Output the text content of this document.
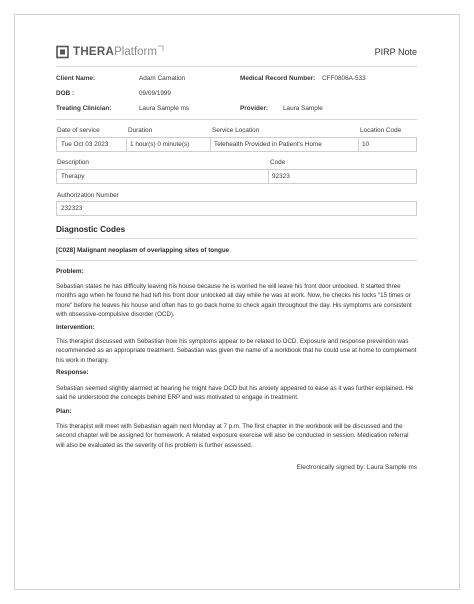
THERA Platform	PIRP Note
Client Name:	Adam Carnation	Medical Record Number: CFF0806A-533
DOB :	09/09/1999
Treating Clinician:	Laura Sample ms	Provider: Laura Sample
Date of service	Duration	Service Location	Location Code
Tue Oct 03 2023	1 hour(s) 0 minute(s)	Telehealth Provided in Patient's Home	10
Description	Code
Therapy	92323
Authorization Number
232323
Diagnostic Codes
[C028] Malignant neoplasm of overlapping sites of tongue
Problem:
Sebastian states he has difficulty leaving his house because he is worried he will leave his front door unlocked. It started three months ago when he found he had left his front door unlocked all day while he was at work. Now, he checks his locks "15 times or more" before he leaves his house and often has to go back home to check again throughout the day. His symptoms are consistent with obsessive-compulsive disorder (OCD).
Intervention:
This therapist discussed with Sebastian how his symptoms appear to be related to OCD. Exposure and response prevention was recommended as an appropriate treatment. Sebastian was given the name of a workbook that he could use at home to complement his work in therapy.
Response:
Sebastian seemed slightly alarmed at hearing he might have OCD but his anxiety appeared to ease as it was further explained. He said he understood the concepts behind ERP and was motivated to engage in treatment.
Plan:
This therapist will meet with Sebastian again next Monday at 7 p.m. The first chapter in the workbook will be discussed and the second chapter will be assigned for homework. A related exposure exercise will also be conducted in session. Medication referral will also be evaluated as the severity of his problem is further assessed.
Electronically signed by: Laura Sample ms
